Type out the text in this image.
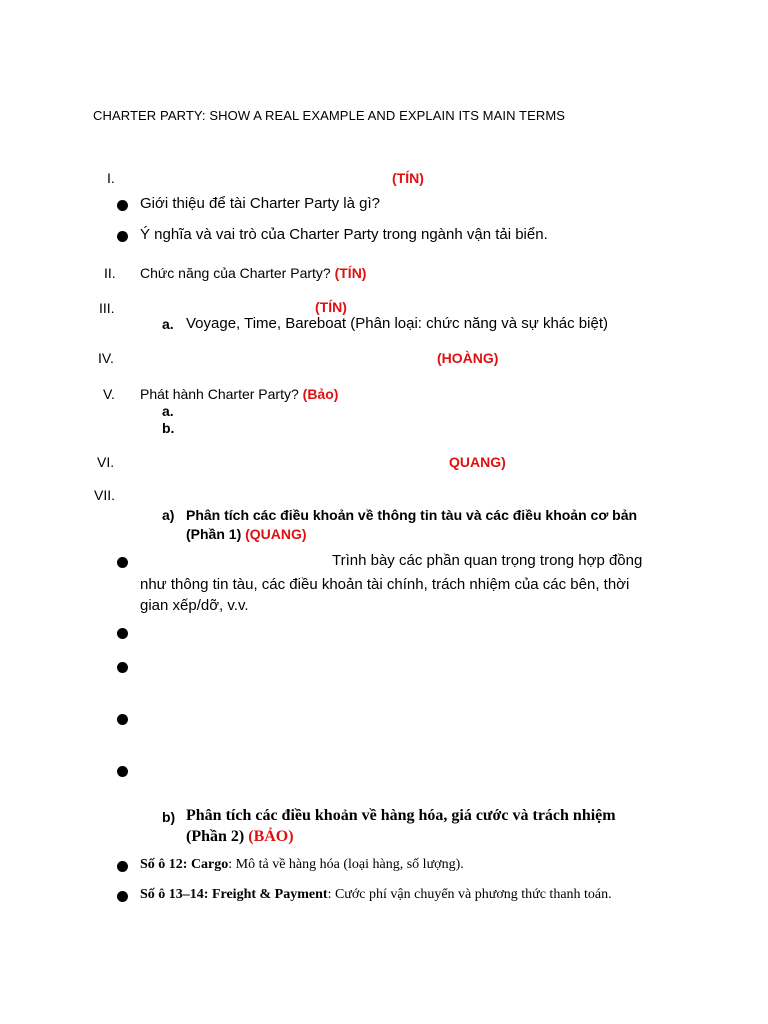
CHARTER PARTY: SHOW A REAL EXAMPLE AND EXPLAIN ITS MAIN TERMS
I.	(TÍN)
Giới thiệu để tài Charter Party là gì?
Ý nghĩa và vai trò của Charter Party trong ngành vận tải biển.
II. Chức năng của Charter Party? (TÍN)
III.	(TÍN)
a. Voyage, Time, Bareboat (Phân loại: chức năng và sự khác biệt)
IV.	(HOÀNG)
V. Phát hành Charter Party? (Bảo)
a.
b.
VI.	QUANG)
VII.
a) Phân tích các điều khoản về thông tin tàu và các điều khoản cơ bản
(Phần 1) (QUANG)
Trình bày các phần quan trọng trong hợp đồng
như thông tin tàu, các điều khoản tài chính, trách nhiệm của các bên, thời
gian xếp/dỡ, v.v.
b) Phân tích các điều khoản về hàng hóa, giá cước và trách nhiệm
(Phần 2) (BẢO)
Số ô 12: Cargo: Mô tả về hàng hóa (loại hàng, số lượng).
Số ô 13–14: Freight & Payment: Cước phí vận chuyển và phương thức thanh toán.
